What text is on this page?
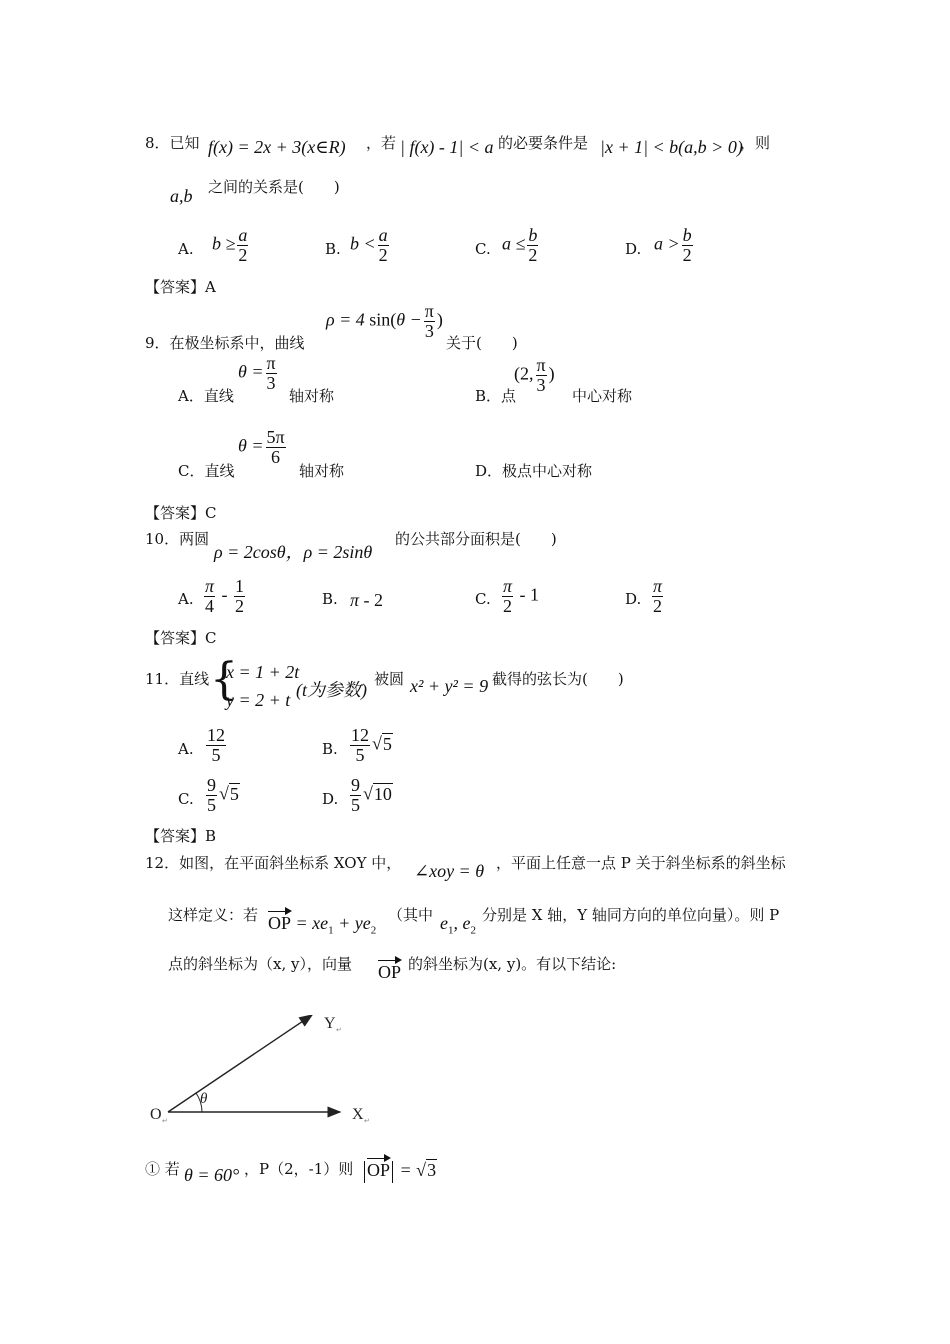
8．已知 f(x) = 2x + 3(x∈R) ，若 | f(x) - 1| < a 的必要条件是 |x + 1| < b(a,b > 0)
，则
a,b 之间的关系是(　　)
A. $b \ge \frac{a}{2}$	B. $b < \frac{a}{2}$	C. $a \le \frac{b}{2}$	D. $a > \frac{b}{2}$
【答案】A
9．在极坐标系中，曲线
ρ = 4 $\sin(\theta - \frac{\pi}{3}$ )
关于(　　)
A．直线
$\theta = \frac{\pi}{3}$
轴对称	B．点
(2, $\frac{\pi}{3}$ )
中心对称
C．直线
$\theta = \frac{5\pi}{6}$
轴对称	D．极点中心对称
【答案】C
10．两圆
ρ = 2cosθ，ρ = 2sinθ
的公共部分面积是(　　)
A. $\frac{\pi}{4} - \frac{1}{2}$	B. π - 2	C. $\frac{\pi}{2} - 1$	D. $\frac{\pi}{2}$
【答案】C
11．直线 {
x = 1 + 2t
y = 2 + t (t为参数)
被圆 x² + y² = 9 截得的弦长为(　　)
A. $\frac{12}{5}$	B. $\frac{12}{5} √5$
C. $\frac{9}{5} √5$	D. $\frac{9}{5} √10$
【答案】B
12．如图，在平面斜坐标系 XOY 中， ∠xoy = θ ，平面上任意一点 P 关于斜坐标系的斜坐标
这样定义：若 OP = $xe_1 + ye_2$
（其中 $e_1$, $e_2$
分别是 X 轴，Y 轴同方向的单位向量）。则 P
点的斜坐标为（x, y），向量 OP 的斜坐标为(x, y)。有以下结论:
O ↵	X ↵
Y ↵
θ
① 若 θ = 60° ，P（2，-1）则 OP = √3
